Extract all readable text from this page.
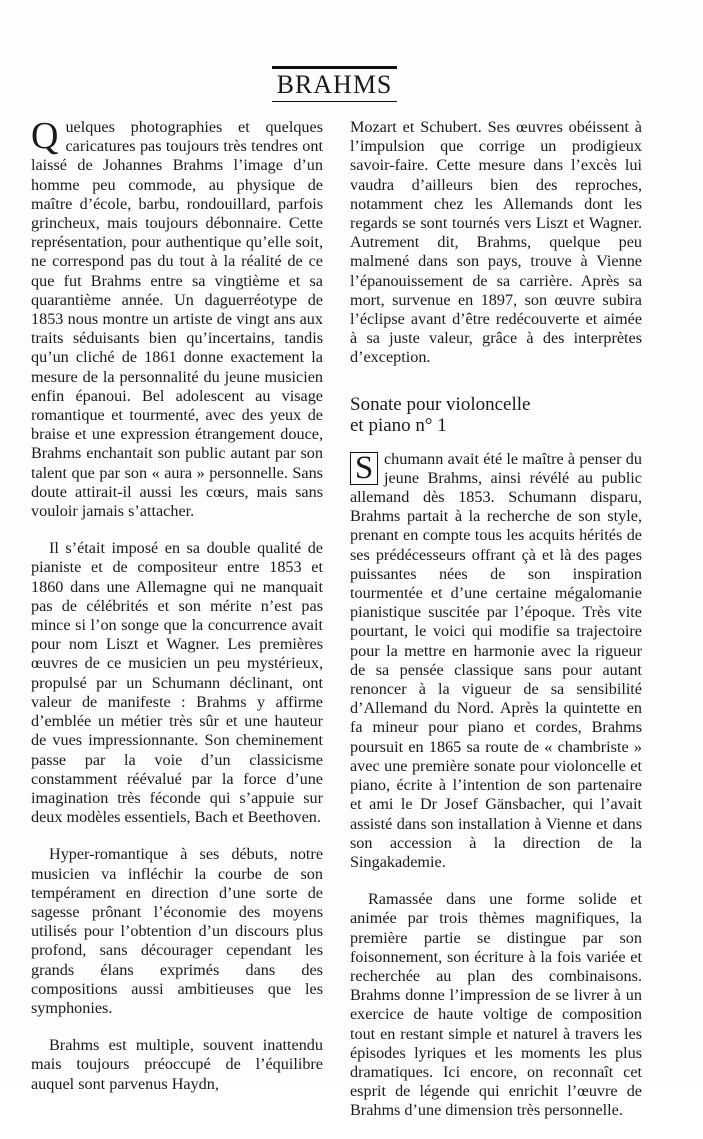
BRAHMS

Quelques photographies et quelques caricatures pas toujours très tendres ont laissé de Johannes Brahms l’image d’un homme peu commode, au physique de maître d’école, barbu, rondouillard, parfois grincheux, mais toujours débonnaire. Cette représentation, pour authentique qu’elle soit, ne correspond pas du tout à la réalité de ce que fut Brahms entre sa vingtième et sa quarantième année. Un daguerréotype de 1853 nous montre un artiste de vingt ans aux traits séduisants bien qu’incertains, tandis qu’un cliché de 1861 donne exactement la mesure de la personnalité du jeune musicien enfin épanoui. Bel adolescent au visage romantique et tourmenté, avec des yeux de braise et une expression étrangement douce, Brahms enchantait son public autant par son talent que par son « aura » personnelle. Sans doute attirait-il aussi les cœurs, mais sans vouloir jamais s’attacher.

Il s’était imposé en sa double qualité de pianiste et de compositeur entre 1853 et 1860 dans une Allemagne qui ne manquait pas de célébrités et son mérite n’est pas mince si l’on songe que la concurrence avait pour nom Liszt et Wagner. Les premières œuvres de ce musicien un peu mystérieux, propulsé par un Schumann déclinant, ont valeur de manifeste : Brahms y affirme d’emblée un métier très sûr et une hauteur de vues impressionnante. Son cheminement passe par la voie d’un classicisme constamment réévalué par la force d’une imagination très féconde qui s’appuie sur deux modèles essentiels, Bach et Beethoven.

Hyper-romantique à ses débuts, notre musicien va infléchir la courbe de son tempérament en direction d’une sorte de sagesse prônant l’économie des moyens utilisés pour l’obtention d’un discours plus profond, sans décourager cependant les grands élans exprimés dans des compositions aussi ambitieuses que les symphonies.

Brahms est multiple, souvent inattendu mais toujours préoccupé de l’équilibre auquel sont parvenus Haydn,

Mozart et Schubert. Ses œuvres obéissent à l’impulsion que corrige un prodigieux savoir-faire. Cette mesure dans l’excès lui vaudra d’ailleurs bien des reproches, notamment chez les Allemands dont les regards se sont tournés vers Liszt et Wagner. Autrement dit, Brahms, quelque peu malmené dans son pays, trouve à Vienne l’épanouissement de sa carrière. Après sa mort, survenue en 1897, son œuvre subira l’éclipse avant d’être redécouverte et aimée à sa juste valeur, grâce à des interprètes d’exception.

Sonate pour violoncelle
et piano n° 1

S chumann avait été le maître à penser du jeune Brahms, ainsi révélé au public allemand dès 1853. Schumann disparu, Brahms partait à la recherche de son style, prenant en compte tous les acquits hérités de ses prédécesseurs offrant çà et là des pages puissantes nées de son inspiration tourmentée et d’une certaine mégalomanie pianistique suscitée par l’époque. Très vite pourtant, le voici qui modifie sa trajectoire pour la mettre en harmonie avec la rigueur de sa pensée classique sans pour autant renoncer à la vigueur de sa sensibilité d’Allemand du Nord. Après la quintette en fa mineur pour piano et cordes, Brahms poursuit en 1865 sa route de « chambriste » avec une première sonate pour violoncelle et piano, écrite à l’intention de son partenaire et ami le Dr Josef Gänsbacher, qui l’avait assisté dans son installation à Vienne et dans son accession à la direction de la Singakademie.

Ramassée dans une forme solide et animée par trois thèmes magnifiques, la première partie se distingue par son foisonnement, son écriture à la fois variée et recherchée au plan des combinaisons. Brahms donne l’impression de se livrer à un exercice de haute voltige de composition tout en restant simple et naturel à travers les épisodes lyriques et les moments les plus dramatiques. Ici encore, on reconnaît cet esprit de légende qui enrichit l’œuvre de Brahms d’une dimension très personnelle.
